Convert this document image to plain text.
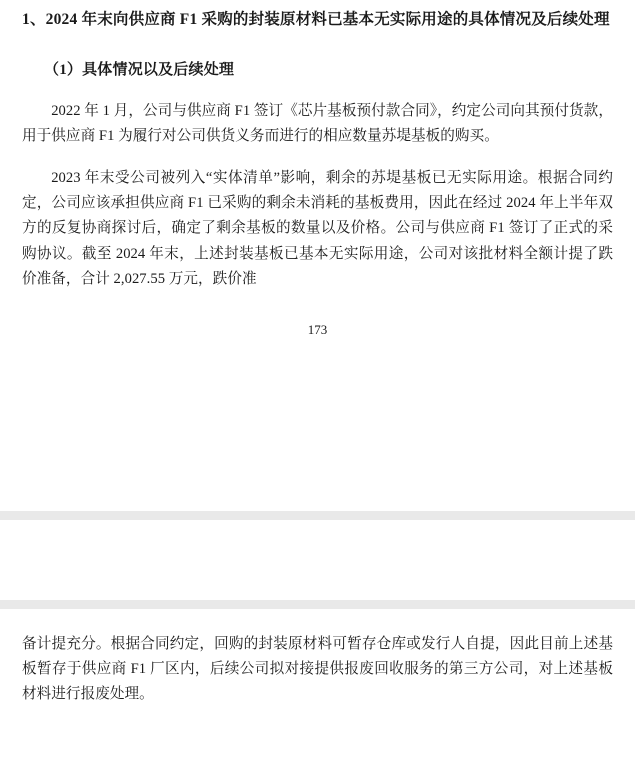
1、2024 年末向供应商 F1 采购的封装原材料已基本无实际用途的具体情况及后续处理
（1）具体情况以及后续处理

2022 年 1 月，公司与供应商 F1 签订《芯片基板预付款合同》，约定公司向其预付货款，用于供应商 F1 为履行对公司供货义务而进行的相应数量苏堤基板的购买。

2023 年末受公司被列入“实体清单”影响，剩余的苏堤基板已无实际用途。根据合同约定，公司应该承担供应商 F1 已采购的剩余未消耗的基板费用，因此在经过 2024 年上半年双方的反复协商探讨后，确定了剩余基板的数量以及价格。公司与供应商 F1 签订了正式的采购协议。截至 2024 年末，上述封装基板已基本无实际用途，公司对该批材料全额计提了跌价准备，合计 2,027.55 万元，跌价准

173

备计提充分。根据合同约定，回购的封装原材料可暂存仓库或发行人自提，因此目前上述基板暂存于供应商 F1 厂区内，后续公司拟对接提供报废回收服务的第三方公司，对上述基板材料进行报废处理。
